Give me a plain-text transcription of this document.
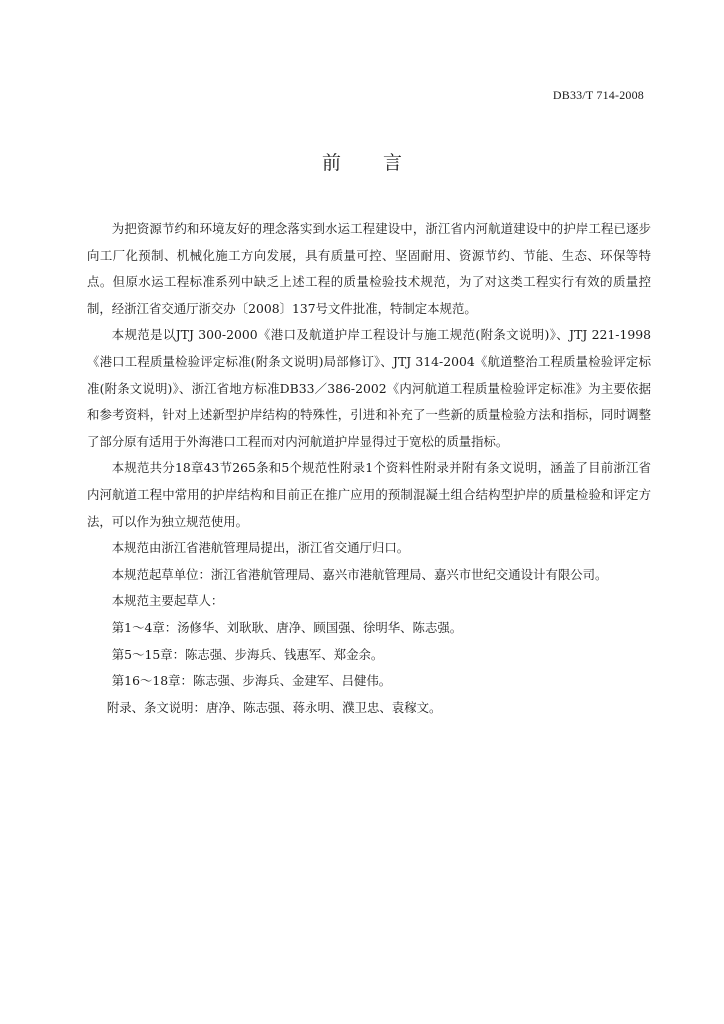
DB33/T 714-2008
前言

为把资源节约和环境友好的理念落实到水运工程建设中，浙江省内河航道建设中的护岸工程已逐步向工厂化预制、机械化施工方向发展，具有质量可控、坚固耐用、资源节约、节能、生态、环保等特点。但原水运工程标准系列中缺乏上述工程的质量检验技术规范，为了对这类工程实行有效的质量控制，经浙江省交通厅浙交办〔2008〕137号文件批准，特制定本规范。

本规范是以JTJ 300-2000《港口及航道护岸工程设计与施工规范(附条文说明)》、JTJ 221-1998《港口工程质量检验评定标准(附条文说明)局部修订》、JTJ 314-2004《航道整治工程质量检验评定标准(附条文说明)》、浙江省地方标准DB33／386-2002《内河航道工程质量检验评定标准》为主要依据和参考资料，针对上述新型护岸结构的特殊性，引进和补充了一些新的质量检验方法和指标，同时调整了部分原有适用于外海港口工程而对内河航道护岸显得过于宽松的质量指标。

本规范共分18章43节265条和5个规范性附录1个资料性附录并附有条文说明，涵盖了目前浙江省内河航道工程中常用的护岸结构和目前正在推广应用的预制混凝土组合结构型护岸的质量检验和评定方法，可以作为独立规范使用。

本规范由浙江省港航管理局提出，浙江省交通厅归口。

本规范起草单位：浙江省港航管理局、嘉兴市港航管理局、嘉兴市世纪交通设计有限公司。

本规范主要起草人：

第1～4章：汤修华、刘耿耿、唐净、顾国强、徐明华、陈志强。

第5～15章：陈志强、步海兵、钱惠军、郑金余。

第16～18章：陈志强、步海兵、金建军、吕健伟。

附录、条文说明：唐净、陈志强、蒋永明、濮卫忠、袁稼文。
